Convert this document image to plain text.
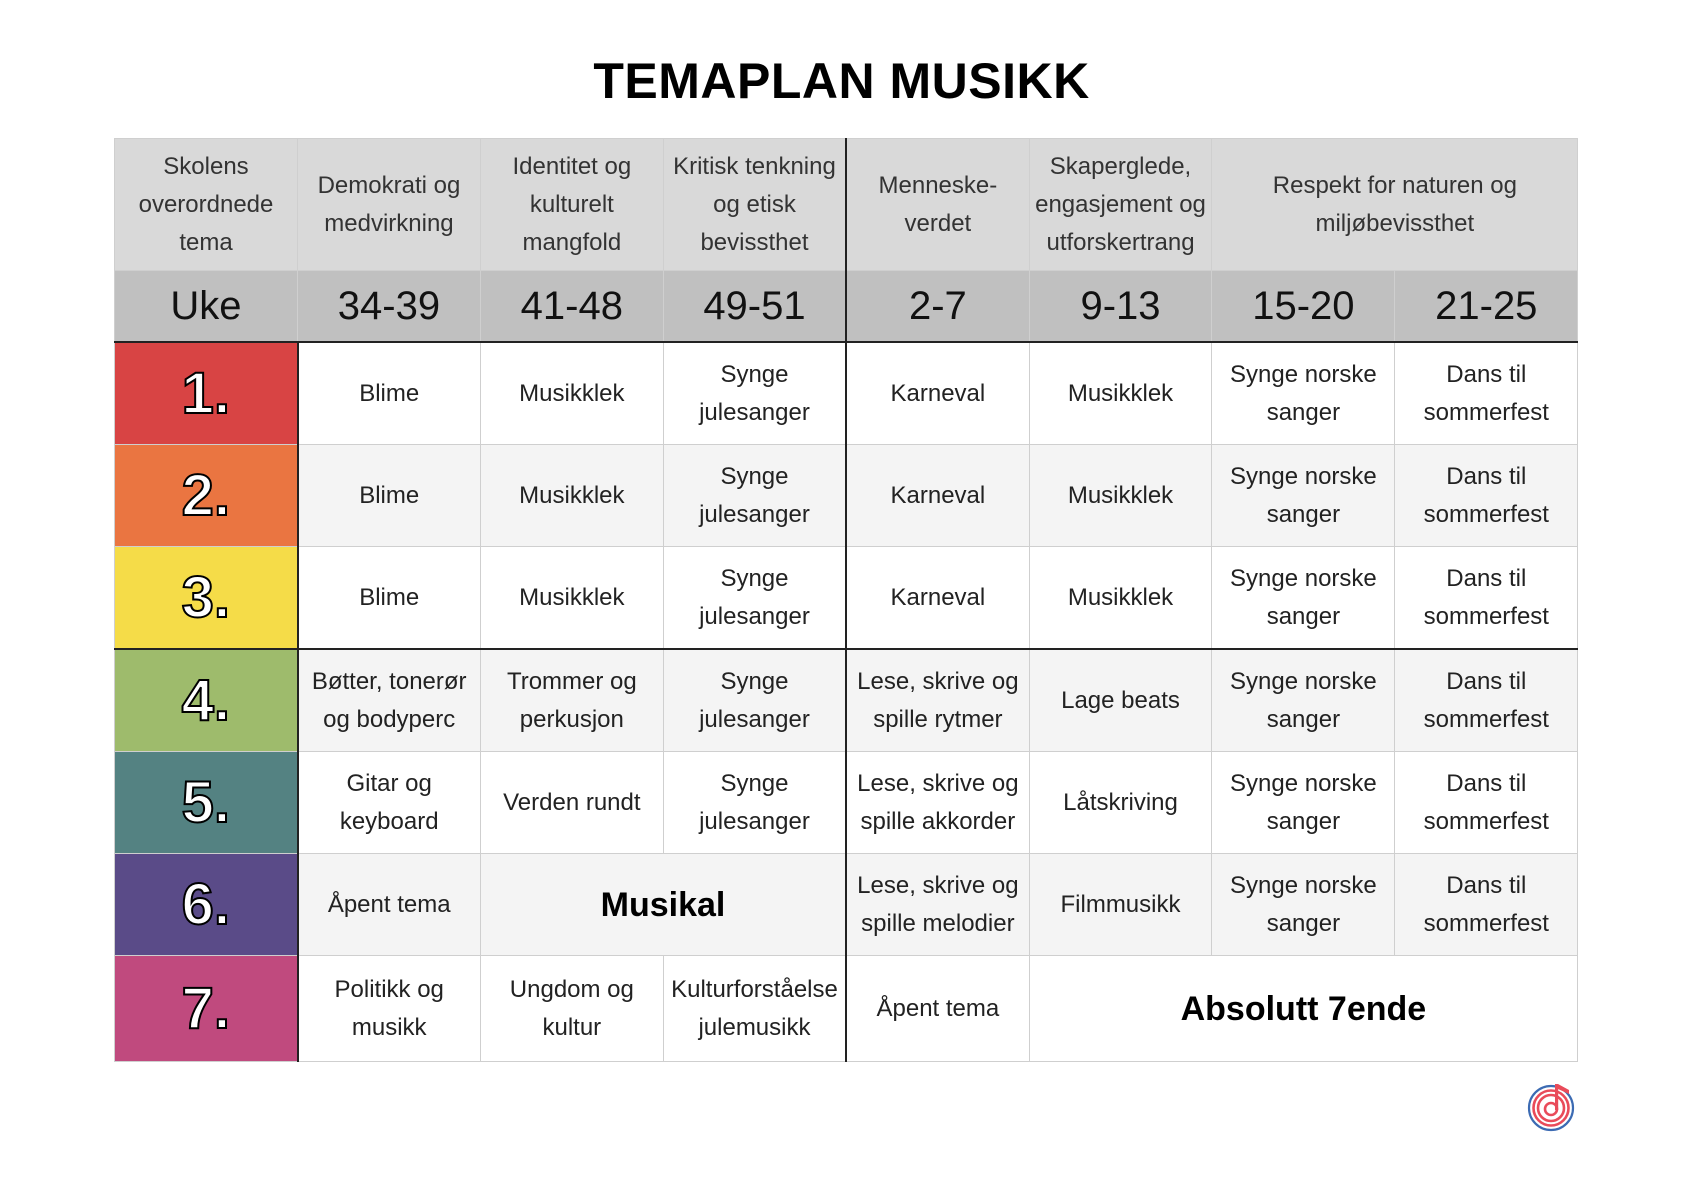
TEMAPLAN MUSIKK
Skolens overordnede tema	Demokrati og medvirkning	Identitet og kulturelt mangfold	Kritisk tenkning og etisk bevissthet	Menneske-verdet	Skaperglede, engasjement og utforskertrang	Respekt for naturen og miljøbevissthet	
Uke	34-39	41-48	49-51	2-7	9-13	15-20	21-25
1.	Blime	Musikklek	Synge julesanger	Karneval	Musikklek	Synge norske sanger	Dans til sommerfest
2.	Blime	Musikklek	Synge julesanger	Karneval	Musikklek	Synge norske sanger	Dans til sommerfest
3.	Blime	Musikklek	Synge julesanger	Karneval	Musikklek	Synge norske sanger	Dans til sommerfest
4.	Bøtter, tonerør og bodyperc	Trommer og perkusjon	Synge julesanger	Lese, skrive og spille rytmer	Lage beats	Synge norske sanger	Dans til sommerfest
5.	Gitar og keyboard	Verden rundt	Synge julesanger	Lese, skrive og spille akkorder	Låtskriving	Synge norske sanger	Dans til sommerfest
6.	Åpent tema	Musikal		Lese, skrive og spille melodier	Filmmusikk	Synge norske sanger	Dans til sommerfest
7.	Politikk og musikk	Ungdom og kultur	Kulturforståelse julemusikk	Åpent tema	Absolutt 7ende		
